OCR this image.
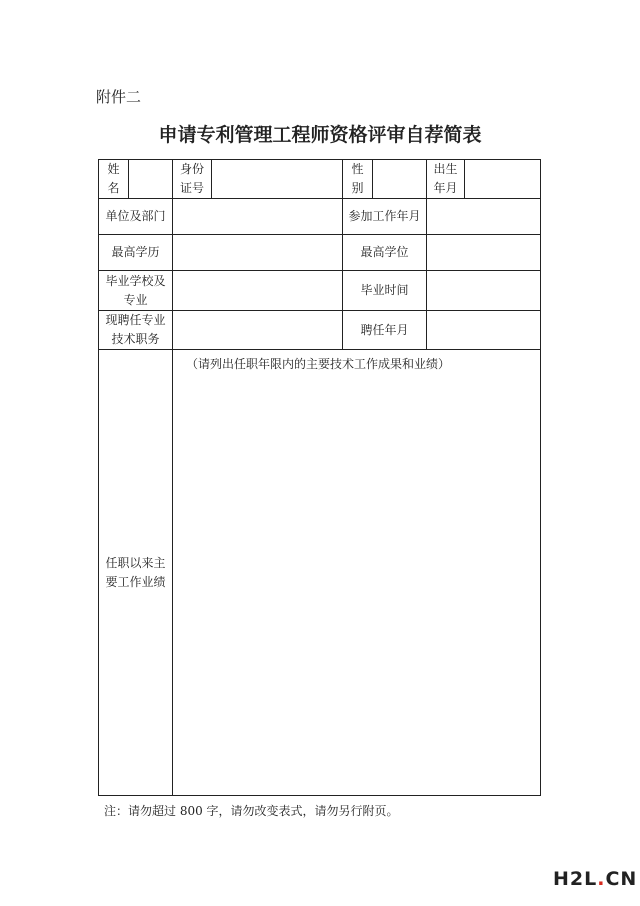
附件二
申请专利管理工程师资格评审自荐简表
姓
名
身份
证号
性
别
出生
年月
单位及部门	参加工作年月
最高学历	最高学位
毕业学校及
专业
毕业时间
现聘任专业
技术职务
聘任年月
任职以来主
要工作业绩
（请列出任职年限内的主要技术工作成果和业绩）
注：请勿超过 800 字，请勿改变表式，请勿另行附页。
H2L.CN
